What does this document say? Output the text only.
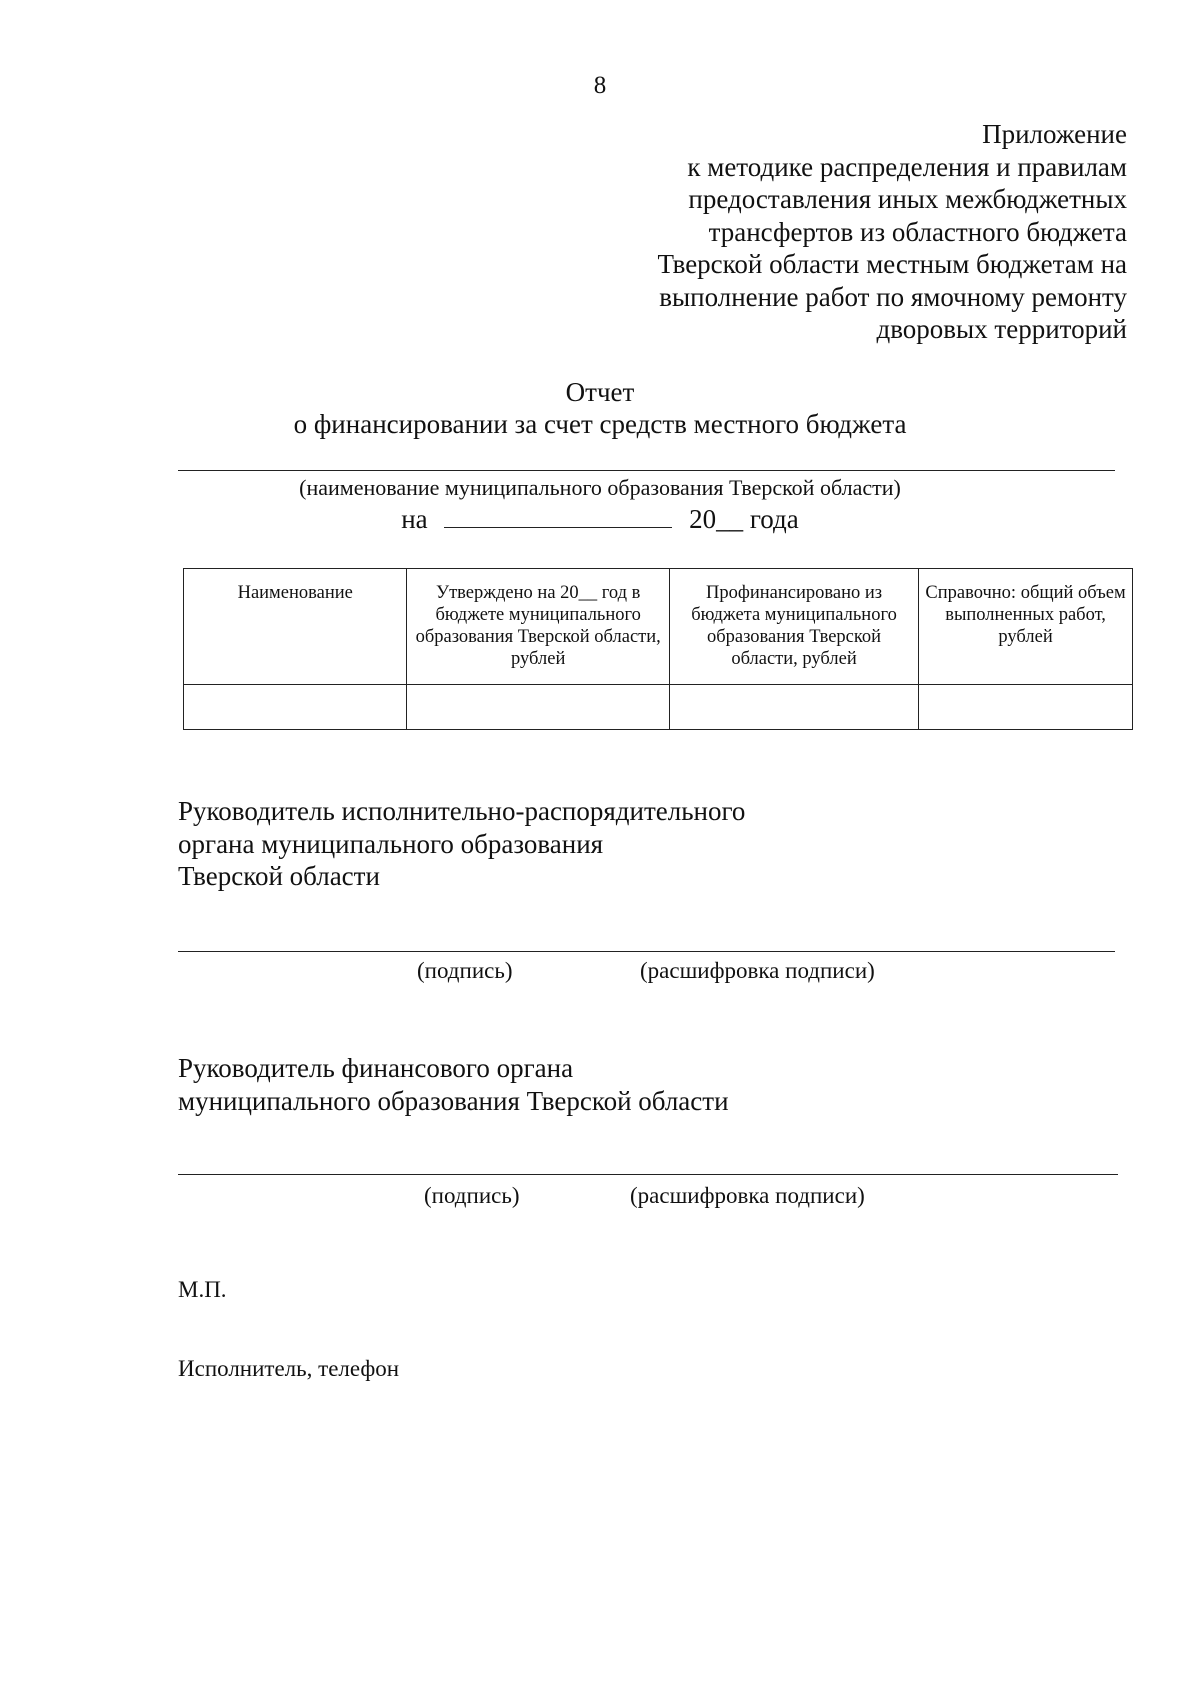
8
Приложение
к методике распределения и правилам
предоставления иных межбюджетных
трансфертов из областного бюджета
Тверской области местным бюджетам на
выполнение работ по ямочному ремонту
дворовых территорий
Отчет
о финансировании за счет средств местного бюджета
(наименование муниципального образования Тверской области)
на	20__ года
Наименование	Утверждено на 20__ год в бюджете муниципального образования Тверской области, рублей	Профинансировано из бюджета муниципального образования Тверской области, рублей	Справочно: общий объем выполненных работ, рублей

Руководитель исполнительно-распорядительного
органа муниципального образования
Тверской области
(подпись)	(расшифровка подписи)
Руководитель финансового органа
муниципального образования Тверской области
(подпись)	(расшифровка подписи)
М.П.
Исполнитель, телефон
